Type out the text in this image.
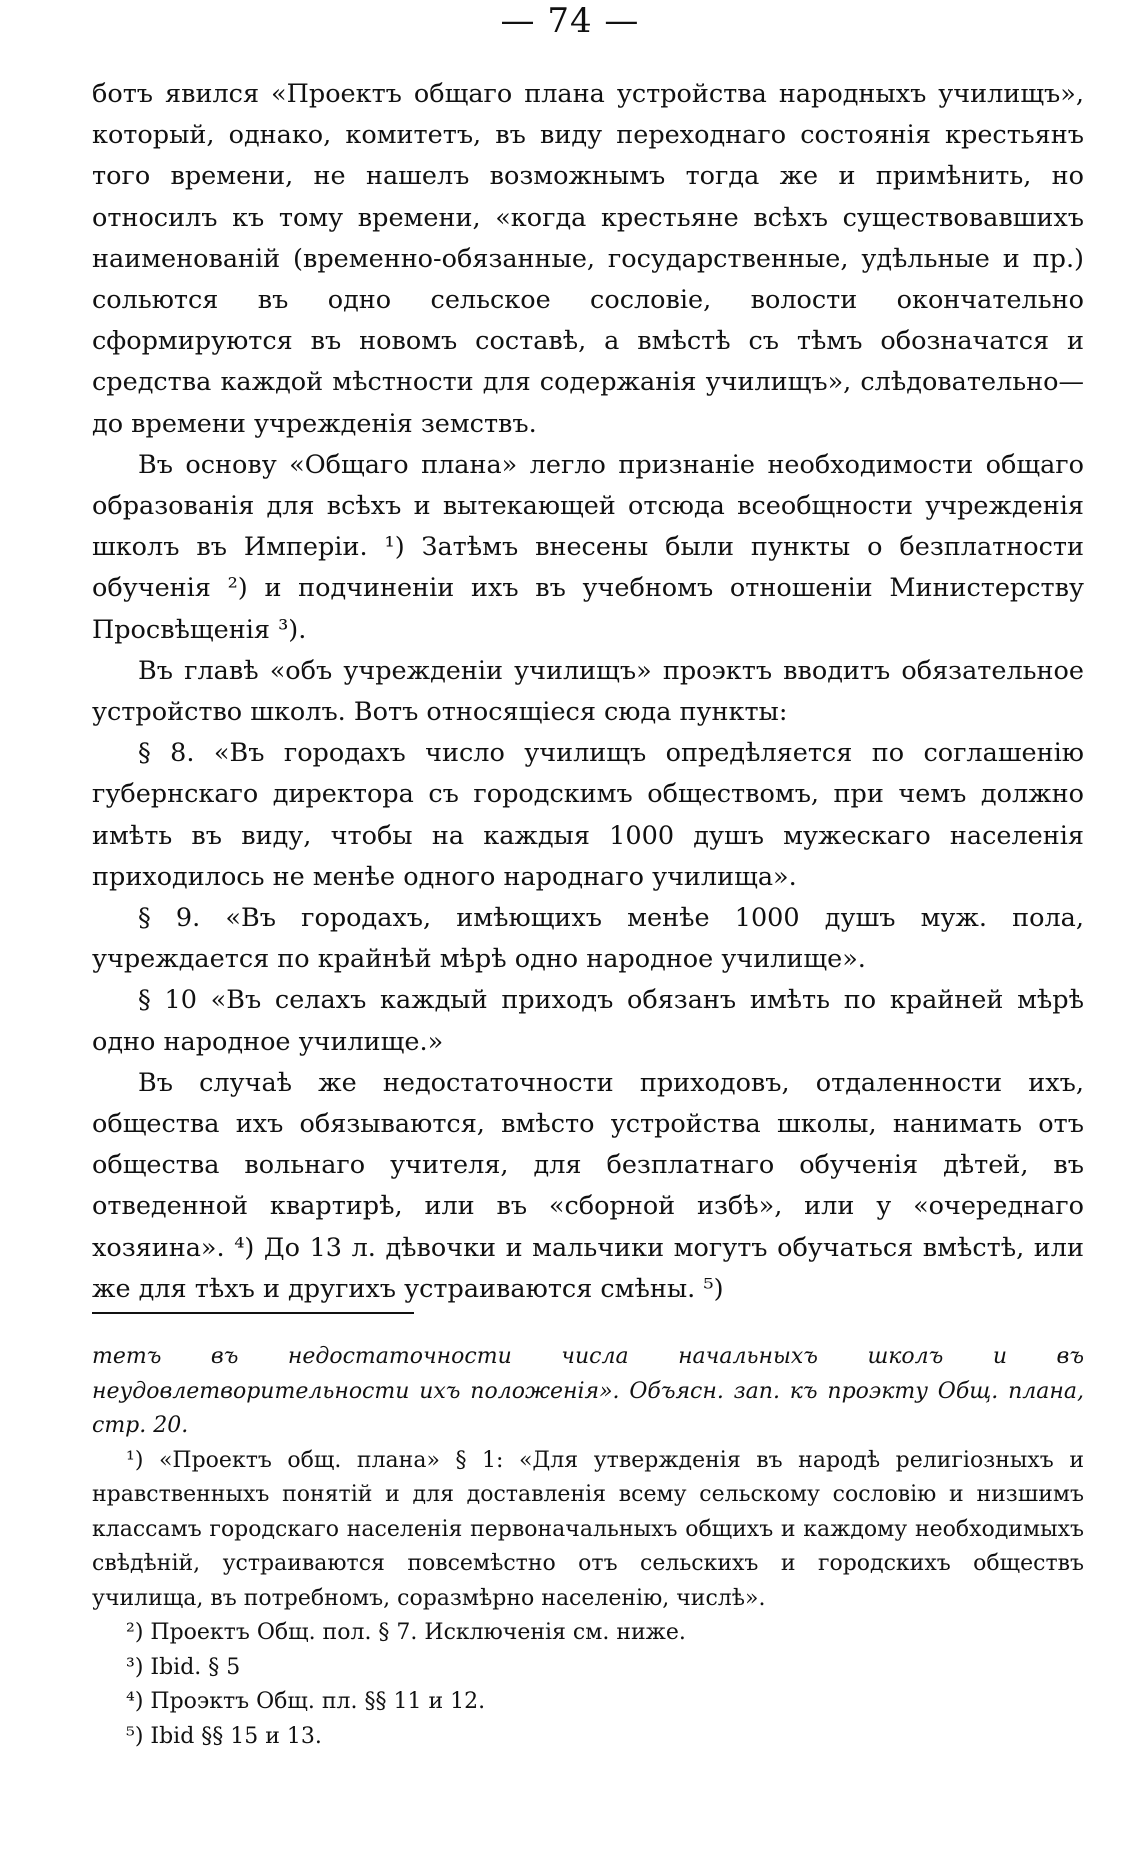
— 74 —

ботъ явился «Проектъ общаго плана устройства народныхъ училищъ», который, однако, комитетъ, въ виду переходнаго состоянія крестьянъ того времени, не нашелъ возможнымъ тогда же и примѣнить, но относилъ къ тому времени, «когда крестьяне всѣхъ существовавшихъ наименованій (временно-обязанные, государственные, удѣльные и пр.) сольются въ одно сельское сословіе, волости окончательно сформируются въ новомъ составѣ, а вмѣстѣ съ тѣмъ обозначатся и средства каждой мѣстности для содержанія училищъ», слѣдовательно—до времени учрежденія земствъ.

Въ основу «Общаго плана» легло признаніе необходимости общаго образованія для всѣхъ и вытекающей отсюда всеобщности учрежденія школъ въ Имперіи. ¹) Затѣмъ внесены были пункты о безплатности обученія ²) и подчиненіи ихъ въ учебномъ отношеніи Министерству Просвѣщенія ³).

Въ главѣ «объ учрежденіи училищъ» проэктъ вводитъ обязательное устройство школъ. Вотъ относящіеся сюда пункты:

§ 8. «Въ городахъ число училищъ опредѣляется по соглашенію губернскаго директора съ городскимъ обществомъ, при чемъ должно имѣть въ виду, чтобы на каждыя 1000 душъ мужескаго населенія приходилось не менѣе одного народнаго училища».

§ 9. «Въ городахъ, имѣющихъ менѣе 1000 душъ муж. пола, учреждается по крайнѣй мѣрѣ одно народное училище».

§ 10 «Въ селахъ каждый приходъ обязанъ имѣть по крайней мѣрѣ одно народное училище.»

Въ случаѣ же недостаточности приходовъ, отдаленности ихъ, общества ихъ обязываются, вмѣсто устройства школы, нанимать отъ общества вольнаго учителя, для безплатнаго обученія дѣтей, въ отведенной квартирѣ, или въ «сборной избѣ», или у «очереднаго хозяина». ⁴) До 13 л. дѣвочки и мальчики могутъ обучаться вмѣстѣ, или же для тѣхъ и другихъ устраиваются смѣны. ⁵)

тетъ въ недостаточности числа начальныхъ школъ и въ неудовлетворительности ихъ положенія». Объясн. зап. къ проэкту Общ. плана, стр. 20.

¹) «Проектъ общ. плана» § 1: «Для утвержденія въ народѣ религіозныхъ и нравственныхъ понятій и для доставленія всему сельскому сословію и низшимъ классамъ городскаго населенія первоначальныхъ общихъ и каждому необходимыхъ свѣдѣній, устраиваются повсемѣстно отъ сельскихъ и городскихъ обществъ училища, въ потребномъ, соразмѣрно населенію, числѣ».

²) Проектъ Общ. пол. § 7. Исключенія см. ниже.

³) Ibid. § 5

⁴) Проэктъ Общ. пл. §§ 11 и 12.

⁵) Ibid §§ 15 и 13.
